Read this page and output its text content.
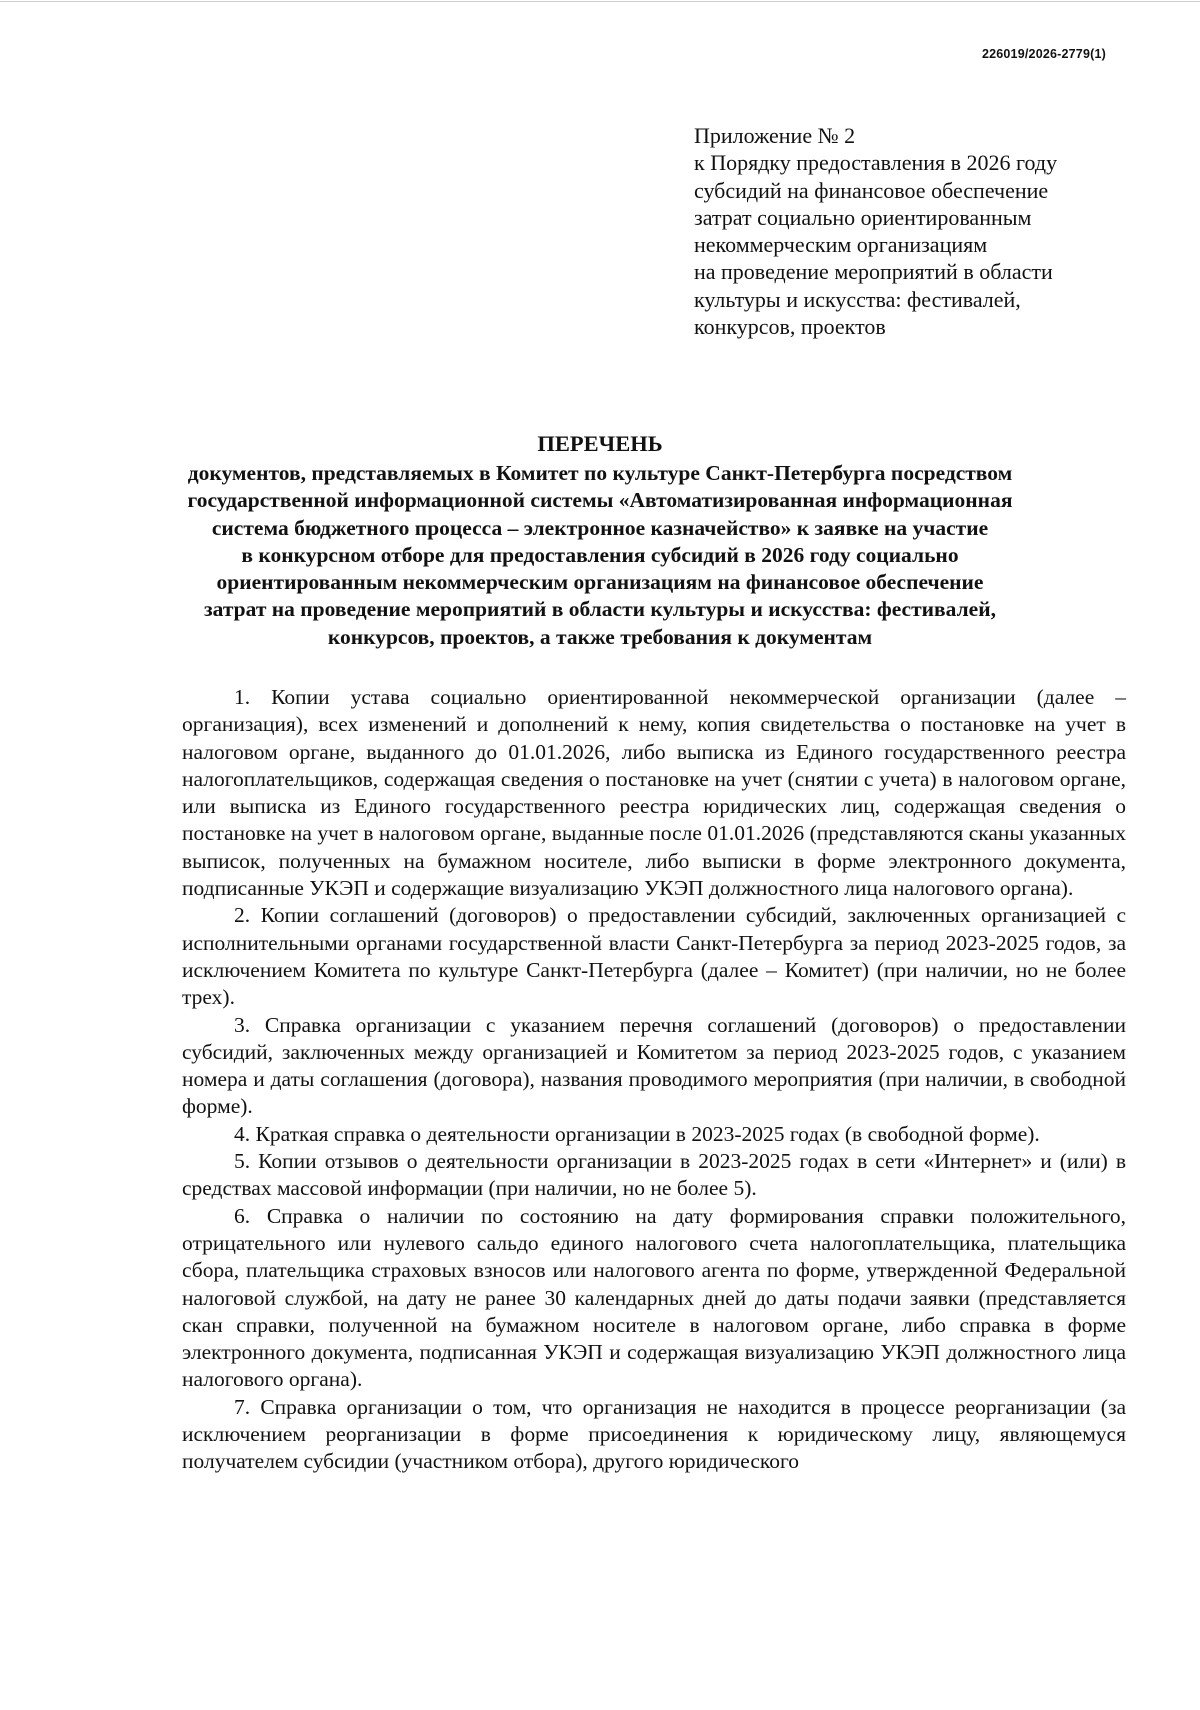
226019/2026-2779(1)
Приложение № 2
к Порядку предоставления в 2026 году
субсидий на финансовое обеспечение
затрат социально ориентированным
некоммерческим организациям
на проведение мероприятий в области
культуры и искусства: фестивалей,
конкурсов, проектов
ПЕРЕЧЕНЬ
документов, представляемых в Комитет по культуре Санкт-Петербурга посредством
государственной информационной системы «Автоматизированная информационная
система бюджетного процесса – электронное казначейство» к заявке на участие
в конкурсном отборе для предоставления субсидий в 2026 году социально
ориентированным некоммерческим организациям на финансовое обеспечение
затрат на проведение мероприятий в области культуры и искусства: фестивалей,
конкурсов, проектов, а также требования к документам

1. Копии устава социально ориентированной некоммерческой организации (далее – организация), всех изменений и дополнений к нему, копия свидетельства о постановке на учет в налоговом органе, выданного до 01.01.2026, либо выписка из Единого государственного реестра налогоплательщиков, содержащая сведения о постановке на учет (снятии с учета) в налоговом органе, или выписка из Единого государственного реестра юридических лиц, содержащая сведения о постановке на учет в налоговом органе, выданные после 01.01.2026 (представляются сканы указанных выписок, полученных на бумажном носителе, либо выписки в форме электронного документа, подписанные УКЭП и содержащие визуализацию УКЭП должностного лица налогового органа).

2. Копии соглашений (договоров) о предоставлении субсидий, заключенных организацией с исполнительными органами государственной власти Санкт-Петербурга за период 2023-2025 годов, за исключением Комитета по культуре Санкт-Петербурга (далее – Комитет) (при наличии, но не более трех).

3. Справка организации с указанием перечня соглашений (договоров) о предоставлении субсидий, заключенных между организацией и Комитетом за период 2023-2025 годов, с указанием номера и даты соглашения (договора), названия проводимого мероприятия (при наличии, в свободной форме).

4. Краткая справка о деятельности организации в 2023-2025 годах (в свободной форме).

5. Копии отзывов о деятельности организации в 2023-2025 годах в сети «Интернет» и (или) в средствах массовой информации (при наличии, но не более 5).

6. Справка о наличии по состоянию на дату формирования справки положительного, отрицательного или нулевого сальдо единого налогового счета налогоплательщика, плательщика сбора, плательщика страховых взносов или налогового агента по форме, утвержденной Федеральной налоговой службой, на дату не ранее 30 календарных дней до даты подачи заявки (представляется скан справки, полученной на бумажном носителе в налоговом органе, либо справка в форме электронного документа, подписанная УКЭП и содержащая визуализацию УКЭП должностного лица налогового органа).

7. Справка организации о том, что организация не находится в процессе реорганизации (за исключением реорганизации в форме присоединения к юридическому лицу, являющемуся получателем субсидии (участником отбора), другого юридического
